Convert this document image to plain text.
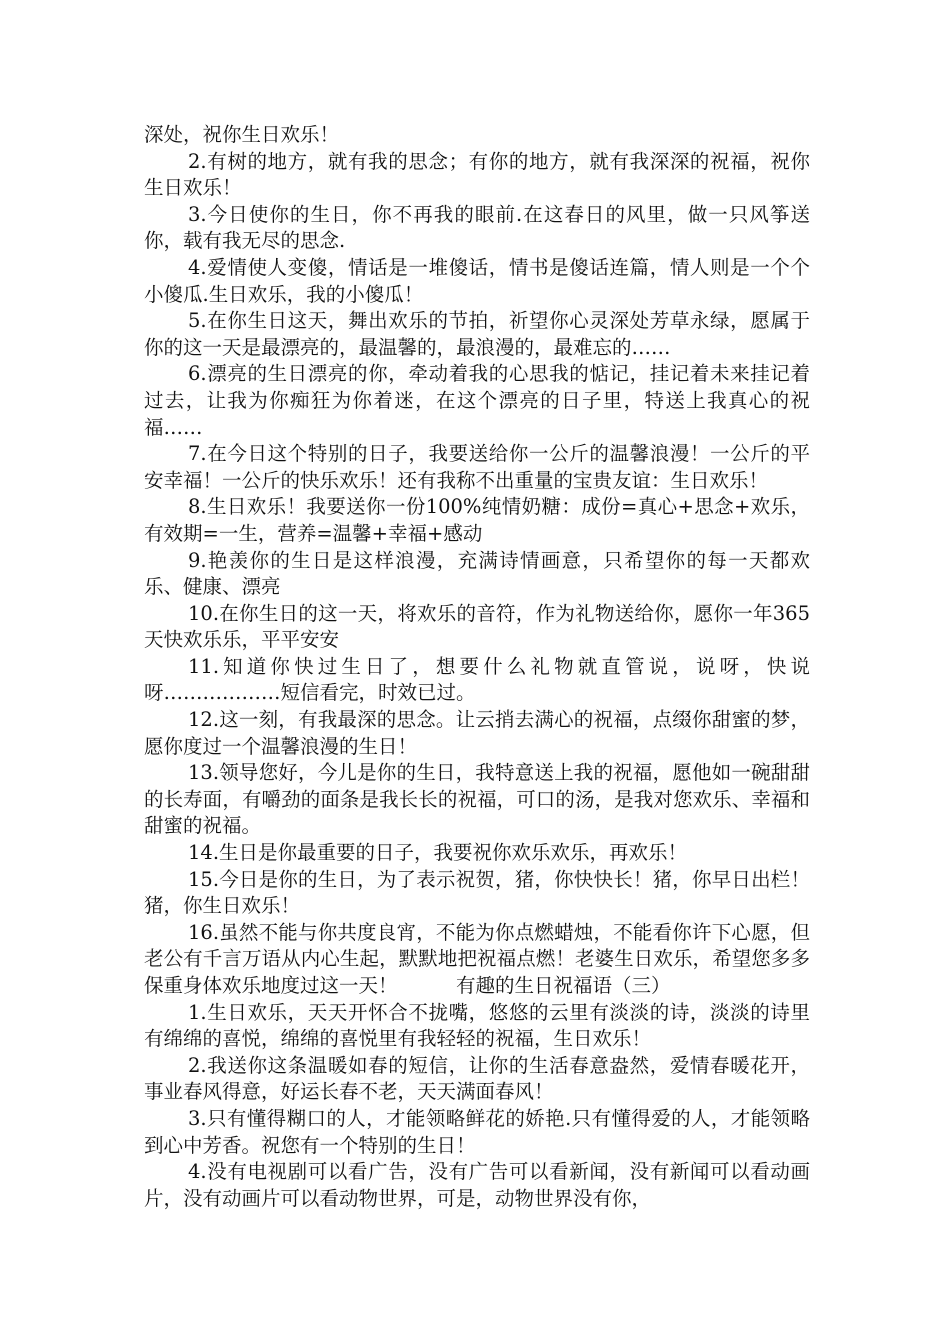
深处，祝你生日欢乐！

2.有树的地方，就有我的思念；有你的地方，就有我深深的祝福，祝你生日欢乐！

3.今日使你的生日，你不再我的眼前.在这春日的风里，做一只风筝送你，载有我无尽的思念.

4.爱情使人变傻，情话是一堆傻话，情书是傻话连篇，情人则是一个个小傻瓜.生日欢乐，我的小傻瓜！

5.在你生日这天，舞出欢乐的节拍，祈望你心灵深处芳草永绿，愿属于你的这一天是最漂亮的，最温馨的，最浪漫的，最难忘的……

6.漂亮的生日漂亮的你，牵动着我的心思我的惦记，挂记着未来挂记着过去，让我为你痴狂为你着迷，在这个漂亮的日子里，特送上我真心的祝福……

7.在今日这个特别的日子，我要送给你一公斤的温馨浪漫！一公斤的平安幸福！一公斤的快乐欢乐！还有我称不出重量的宝贵友谊：生日欢乐！

8.生日欢乐！我要送你一份100%纯情奶糖：成份=真心+思念+欢乐，有效期=一生，营养=温馨+幸福+感动

9.艳羡你的生日是这样浪漫，充满诗情画意，只希望你的每一天都欢乐、健康、漂亮

10.在你生日的这一天，将欢乐的音符，作为礼物送给你，愿你一年365天快欢乐乐，平平安安

11.知道你快过生日了，想要什么礼物就直管说，说呀，快说呀………………短信看完，时效已过。

12.这一刻，有我最深的思念。让云捎去满心的祝福，点缀你甜蜜的梦，愿你度过一个温馨浪漫的生日！

13.领导您好，今儿是你的生日，我特意送上我的祝福，愿他如一碗甜甜的长寿面，有嚼劲的面条是我长长的祝福，可口的汤，是我对您欢乐、幸福和甜蜜的祝福。

14.生日是你最重要的日子，我要祝你欢乐欢乐，再欢乐！

15.今日是你的生日，为了表示祝贺，猪，你快快长！猪，你早日出栏！猪，你生日欢乐！

16.虽然不能与你共度良宵，不能为你点燃蜡烛，不能看你许下心愿，但老公有千言万语从内心生起，默默地把祝福点燃！老婆生日欢乐，希望您多多保重身体欢乐地度过这一天！　　　有趣的生日祝福语（三）

1.生日欢乐，天天开怀合不拢嘴，悠悠的云里有淡淡的诗，淡淡的诗里有绵绵的喜悦，绵绵的喜悦里有我轻轻的祝福，生日欢乐！

2.我送你这条温暖如春的短信，让你的生活春意盎然，爱情春暖花开，事业春风得意，好运长春不老，天天满面春风！

3.只有懂得糊口的人，才能领略鲜花的娇艳.只有懂得爱的人，才能领略到心中芳香。祝您有一个特别的生日！

4.没有电视剧可以看广告，没有广告可以看新闻，没有新闻可以看动画片，没有动画片可以看动物世界，可是，动物世界没有你，
